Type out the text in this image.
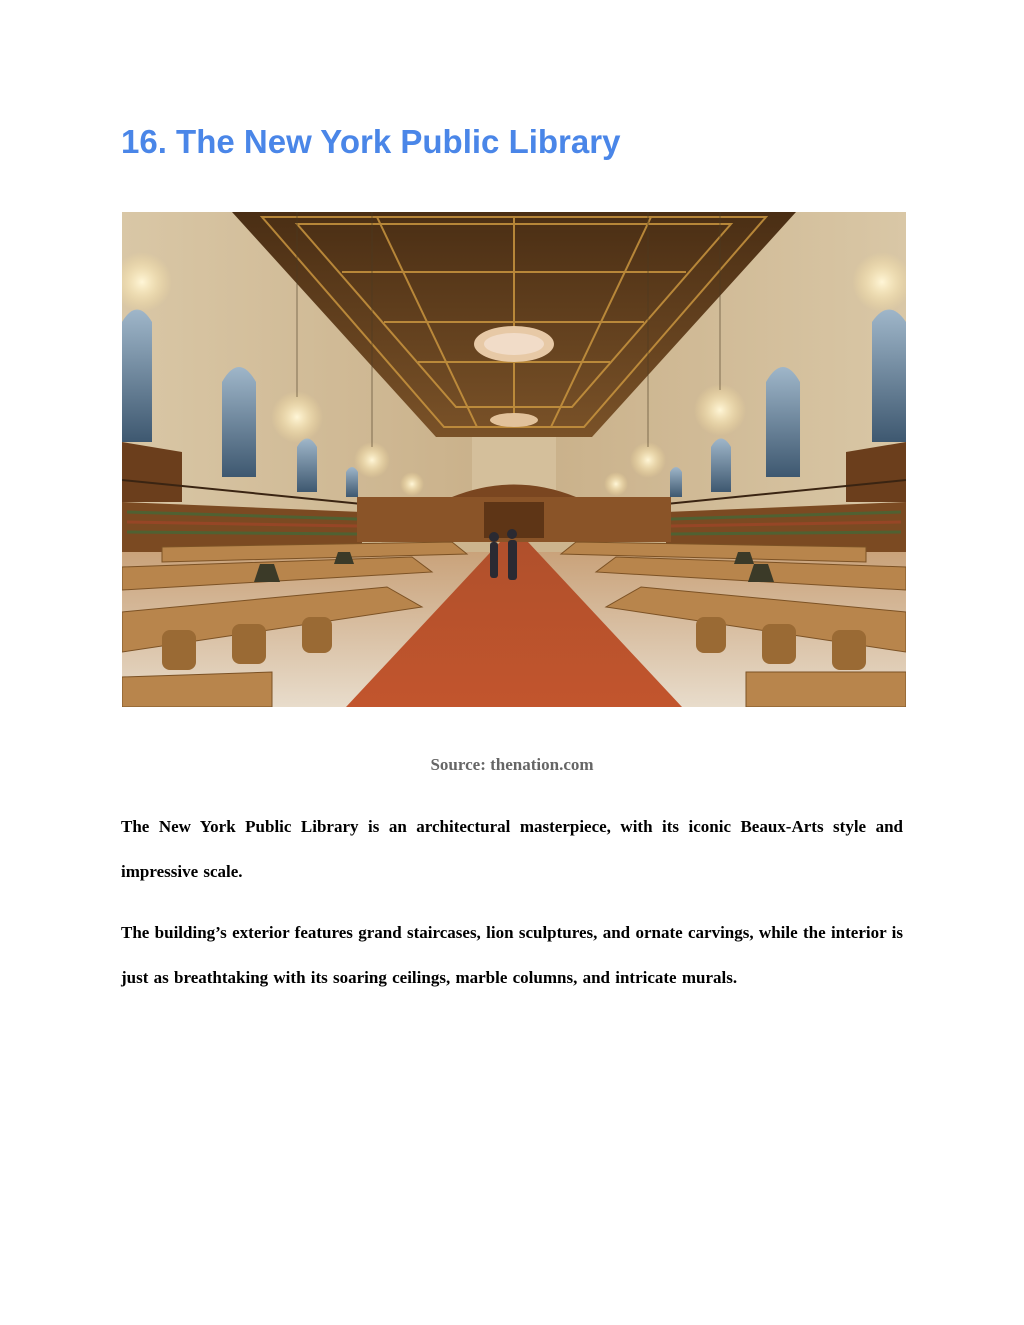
16. The New York Public Library
Source: thenation.com

The New York Public Library is an architectural masterpiece, with its iconic Beaux-Arts style and impressive scale.

The building’s exterior features grand staircases, lion sculptures, and ornate carvings, while the interior is just as breathtaking with its soaring ceilings, marble columns, and intricate murals.
